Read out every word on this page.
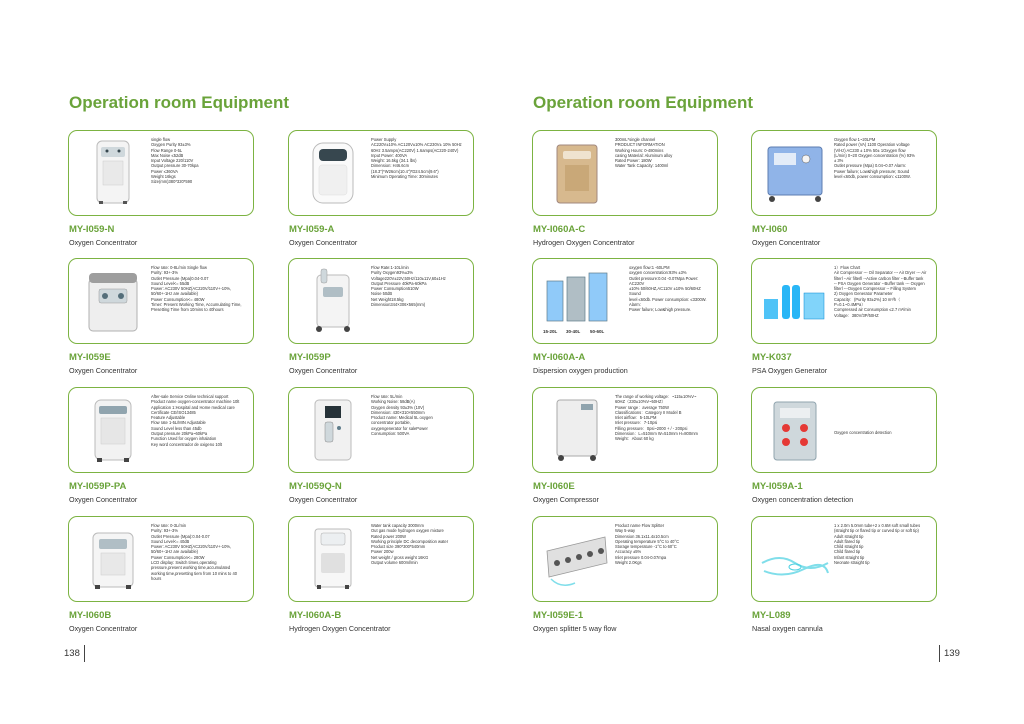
Operation room Equipment	Operation room Equipment
single flow
Oxygen Purity 93±3%
Flow Range 0-5L
Max Noise ≤52dB
Input Voltage 220/110V
Output pressure 30-70kpa
Power ≤360VA
Weight 16kgs
Size(mm)380*320*590
MY-I059-N
Oxygen Concentrator
Flow rate: 0-8L/min Single flow
Purity: 93+-3%
Outlet Pressure (Mpa)0.04-0.07
Sound Level<= 55dB
Power: AC230V 50HZ(AC220V/110V+-10%,
50/60+-1Hz are available)
Power Consumption<= 480W
Timer: Present Working Time, Accumulating Time,
Presetting Time from 10mins to 40hours
MY-I059E
Oxygen Concentrator
After-sale Service Online technical support
Product name oxygen-concentrator machine 10lt
Application 1:Hospital and Home medical care
Certificate CE/ISO13485
Feature Adjustable
Flow rate 1-5L/MIN Adjustable
Sound Level less than 45db
Output pressure 20kPa~60kPa
Function Used for oxygen inhalation
Key word concentrador de oxigeno 10lt
MY-I059P-PA
Oxygen Concentrator
Flow rate: 0-3L/min
Purity: 93+-3%
Outlet Pressure (Mpa):0.04-0.07
Sound Level<= 40dB
Power: AC230V 50HZ(AC220V/110V+-10%,
50/60+-1Hz are available)
Power Consumption<= 280W
LCD display: Switch times,operating
pressure,present working time,accumulated
working time,presetting tiem from 10 mins to 40
hours
MY-I060B
Oxygen Concentrator
Power Supply
AC220V±10% AC120V±10% AC230V± 10% 50Hz
60Hz 3.5amps(AC220V) 1.6amps(AC220-240V)
Input Power: 400VA
Weight: 16.5kg (34.1 lbs)
Dimension: H46.6cm
(18.3")*W26cm(10.4")*D24.5cm(9.6")
Minimum Operating Time: 30minutes
MY-I059-A
Oxygen Concentrator
Flow Rate:1-10L/min
Purity Oxygen93%±3%
Voltage220V±22V,50Hz/110±11V,60±1Hz
Output Pressure 40kPa-60kPa
Power Consumption510W
Noise 50dB
Net Weight18.5kg
Dimension344×306×565(mm)
MY-I059P
Oxygen Concentrator
Flow rate: 5L/min
Working Noise: 58dB(A)
Oxygen density 93±3% (10V)
Dimension: 430×310×550mm
Product name: Medical 5L oxygen
concentrator portable,
oxygengenerator for salePower
Consumption: 500VA
MY-I059Q-N
Oxygen Concentrator
Water tank capacity 3000mm
Out gas mode hydrogen oxygen mixture
Rated power 200W
Working principle DC decomposition water
Product size 390*300*540mm
Power 200w
Net weight / gross weight 16KG
Output volume 600ml/min
MY-I060A-B
Hydrogen Oxygen Concentrator
300mL*single channel
PRODUCT INFORMATION
Working Hours: 0-480mins
casing Material: Aluminum alloy
Rated Power: 180W
Water Tank Capacity: 1400ml
MY-I060A-C
Hydrogen Oxygen Concentrator
15-20L 30-40L 50-60L
oxygen flow:1 -60LPM
oxygen concentration:93% ±3%
Outlet pressure:0.04 -0.07Mpa Power: AC220V
±10% 50/60HZ,AC110V ±10% 50/60HZ Sound
level ≤60db. Power consumption: ≤3300W. Alarm:
Power failure; Low&high pressure.
MY-I060A-A
Dispersion oxygen production
The range of working voltage：~115±10%V~
60HZ（230±10%V~50HZ）
Power range：average 750W
Classifications：Category II Model B
Inlet airflow：5-10LPM
Inlet pressure：7-10psi
Filling pressure：0psi~2000 + / - 200psi
Dimension：L=510mm W=510mm H=800mm
Weight：About 60 kg
MY-I060E
Oxygen Compressor
Product name Flow Splitter
Way 5-way
Dimension 36.1x11.4x10.5cm
Operating temperature 5°C to 40°C
Storage temperature -1°C to 60°C
Accuracy ±5%
Inlet pressure 0.04-0.07mpa
Weight 2.0Kgs
MY-I059E-1
Oxygen splitter 5 way flow
Oxygen flow 1~20LPM
Rated power (VA) 1100 Operation voltage
(V/Hz) AC230 ± 10% 50± 1Oxygen flow
(L/min) 0~20 Oxygen concentration (%) 93%
± 3%
Outlet pressure (Mpa) 0.04~0.07 Alarm:
Power failure; Low&high pressure; Sound
level ≤60db, power consumption: ≤1100W.
MY-I060
Oxygen Concentrator
1）Flow Chart
Air Compressor --- Oil Separator --- Air Dryer --- Air
filterl --Air filterll --Active carbon filter --Buffer tank
-- PSA Oxygen Generator --Buffer tank --- Oxygen
filterl ---Oxygen Compressor -- Filling System
2) Oxygen Generator Parameter
Capacity：(Purity 93±2%) 10 m³/h（
P=0.1~0.4MPa）
Compressed air Consumption ≤2.7 m³/min
Voltage：380V/3P/50HZ
MY-K037
PSA Oxygen Generator
Oxygen concentration detection
MY-I059A-1
Oxygen concentration detection
1 x 2.0m 5.0mm tube+2 x 0.6M soft small tubes
(straight tip or flared tip or curved tip or soft tip)
Adult straight tip
Adult flared tip
Child straight tip
Child flared tip
Infant straight tip
Neonate straight tip
MY-L089
Nasal oxygen cannula
138	139
